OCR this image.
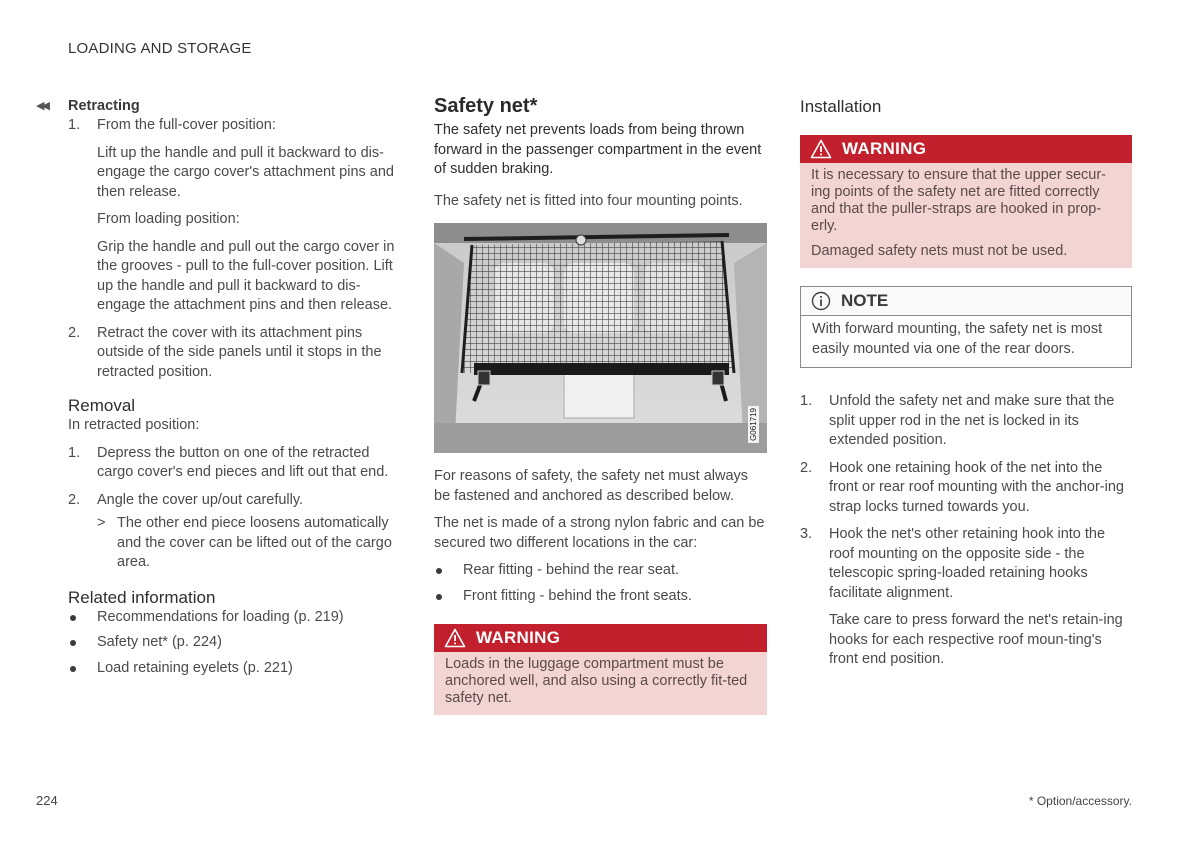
LOADING AND STORAGE
◀◀ Retracting

1. From the full-cover position:

Lift up the handle and pull it backward to dis-engage the cargo cover's attachment pins and then release.

From loading position:

Grip the handle and pull out the cargo cover in the grooves - pull to the full-cover position. Lift up the handle and pull it backward to dis-engage the attachment pins and then release.

2. Retract the cover with its attachment pins outside of the side panels until it stops in the retracted position.

Removal

In retracted position:

1. Depress the button on one of the retracted cargo cover's end pieces and lift out that end.

2. Angle the cover up/out carefully.

> The other end piece loosens automatically and the cover can be lifted out of the cargo area.

Related information

Recommendations for loading (p. 219)
Safety net* (p. 224)
Load retaining eyelets (p. 221)

Safety net*

The safety net prevents loads from being thrown forward in the passenger compartment in the event of sudden braking.

The safety net is fitted into four mounting points.

G061719

For reasons of safety, the safety net must always be fastened and anchored as described below.

The net is made of a strong nylon fabric and can be secured two different locations in the car:

Rear fitting - behind the rear seat.
Front fitting - behind the front seats.
WARNING

Loads in the luggage compartment must be anchored well, and also using a correctly fit-ted safety net.

Installation

WARNING

It is necessary to ensure that the upper secur-ing points of the safety net are fitted correctly and that the puller-straps are hooked in prop-erly.

Damaged safety nets must not be used.

NOTE

With forward mounting, the safety net is most easily mounted via one of the rear doors.

1. Unfold the safety net and make sure that the split upper rod in the net is locked in its extended position.

2. Hook one retaining hook of the net into the front or rear roof mounting with the anchor-ing strap locks turned towards you.

3. Hook the net's other retaining hook into the roof mounting on the opposite side - the telescopic spring-loaded retaining hooks facilitate alignment.

Take care to press forward the net's retain-ing hooks for each respective roof moun-ting's front end position.

224	* Option/accessory.
